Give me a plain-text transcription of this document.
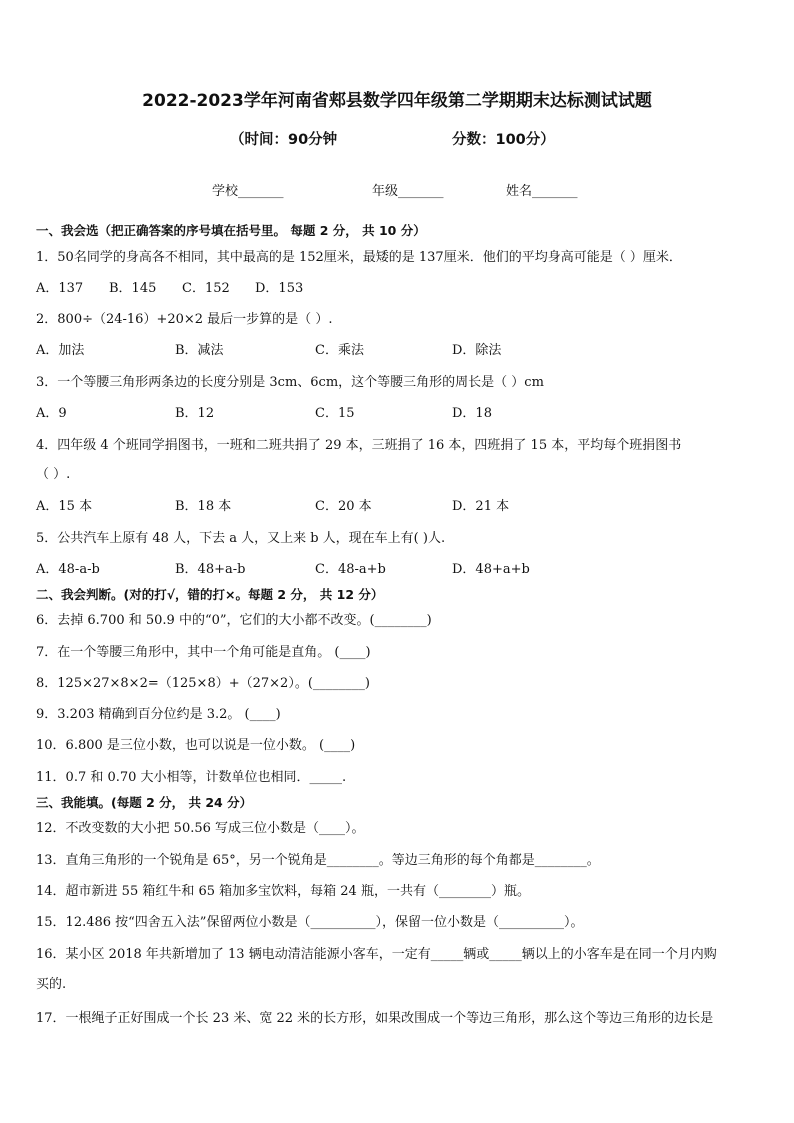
2022-2023学年河南省郏县数学四年级第二学期期末达标测试试题
（时间：90分钟	分数：100分）
学校_______	年级_______	姓名_______
一、我会选（把正确答案的序号填在括号里。 每题 2 分， 共 10 分）
1．50名同学的身高各不相同，其中最高的是 152厘米，最矮的是 137厘米．他们的平均身高可能是（ ）厘米．
A．137 B．145 C．152 D．153
2．800÷（24-16）+20×2 最后一步算的是（ ）.
A．加法	B．减法	C．乘法	D．除法
3．一个等腰三角形两条边的长度分别是 3cm、6cm，这个等腰三角形的周长是（ ）cm
A．9	B．12	C．15	D．18
4．四年级 4 个班同学捐图书，一班和二班共捐了 29 本，三班捐了 16 本，四班捐了 15 本，平均每个班捐图书
（ ）.
A．15 本	B．18 本	C．20 本	D．21 本
5．公共汽车上原有 48 人，下去 a 人，又上来 b 人，现在车上有( )人.
A．48-a-b	B．48+a-b	C．48-a+b	D．48+a+b
二、我会判断。(对的打√，错的打×。每题 2 分， 共 12 分）
6．去掉 6.700 和 50.9 中的“0”，它们的大小都不改变。(________)
7．在一个等腰三角形中，其中一个角可能是直角。 (____)
8．125×27×8×2=（125×8）+（27×2）。(________)
9．3.203 精确到百分位约是 3.2。 (____)
10．6.800 是三位小数，也可以说是一位小数。 (____)
11．0.7 和 0.70 大小相等，计数单位也相同．_____.
三、我能填。(每题 2 分， 共 24 分）
12．不改变数的大小把 50.56 写成三位小数是（____）。
13．直角三角形的一个锐角是 65°，另一个锐角是________。等边三角形的每个角都是________。
14．超市新进 55 箱红牛和 65 箱加多宝饮料，每箱 24 瓶，一共有（________）瓶。
15．12.486 按“四舍五入法”保留两位小数是（__________），保留一位小数是（__________）。
16．某小区 2018 年共新增加了 13 辆电动清洁能源小客车，一定有_____辆或_____辆以上的小客车是在同一个月内购
买的.
17．一根绳子正好围成一个长 23 米、宽 22 米的长方形，如果改围成一个等边三角形，那么这个等边三角形的边长是
